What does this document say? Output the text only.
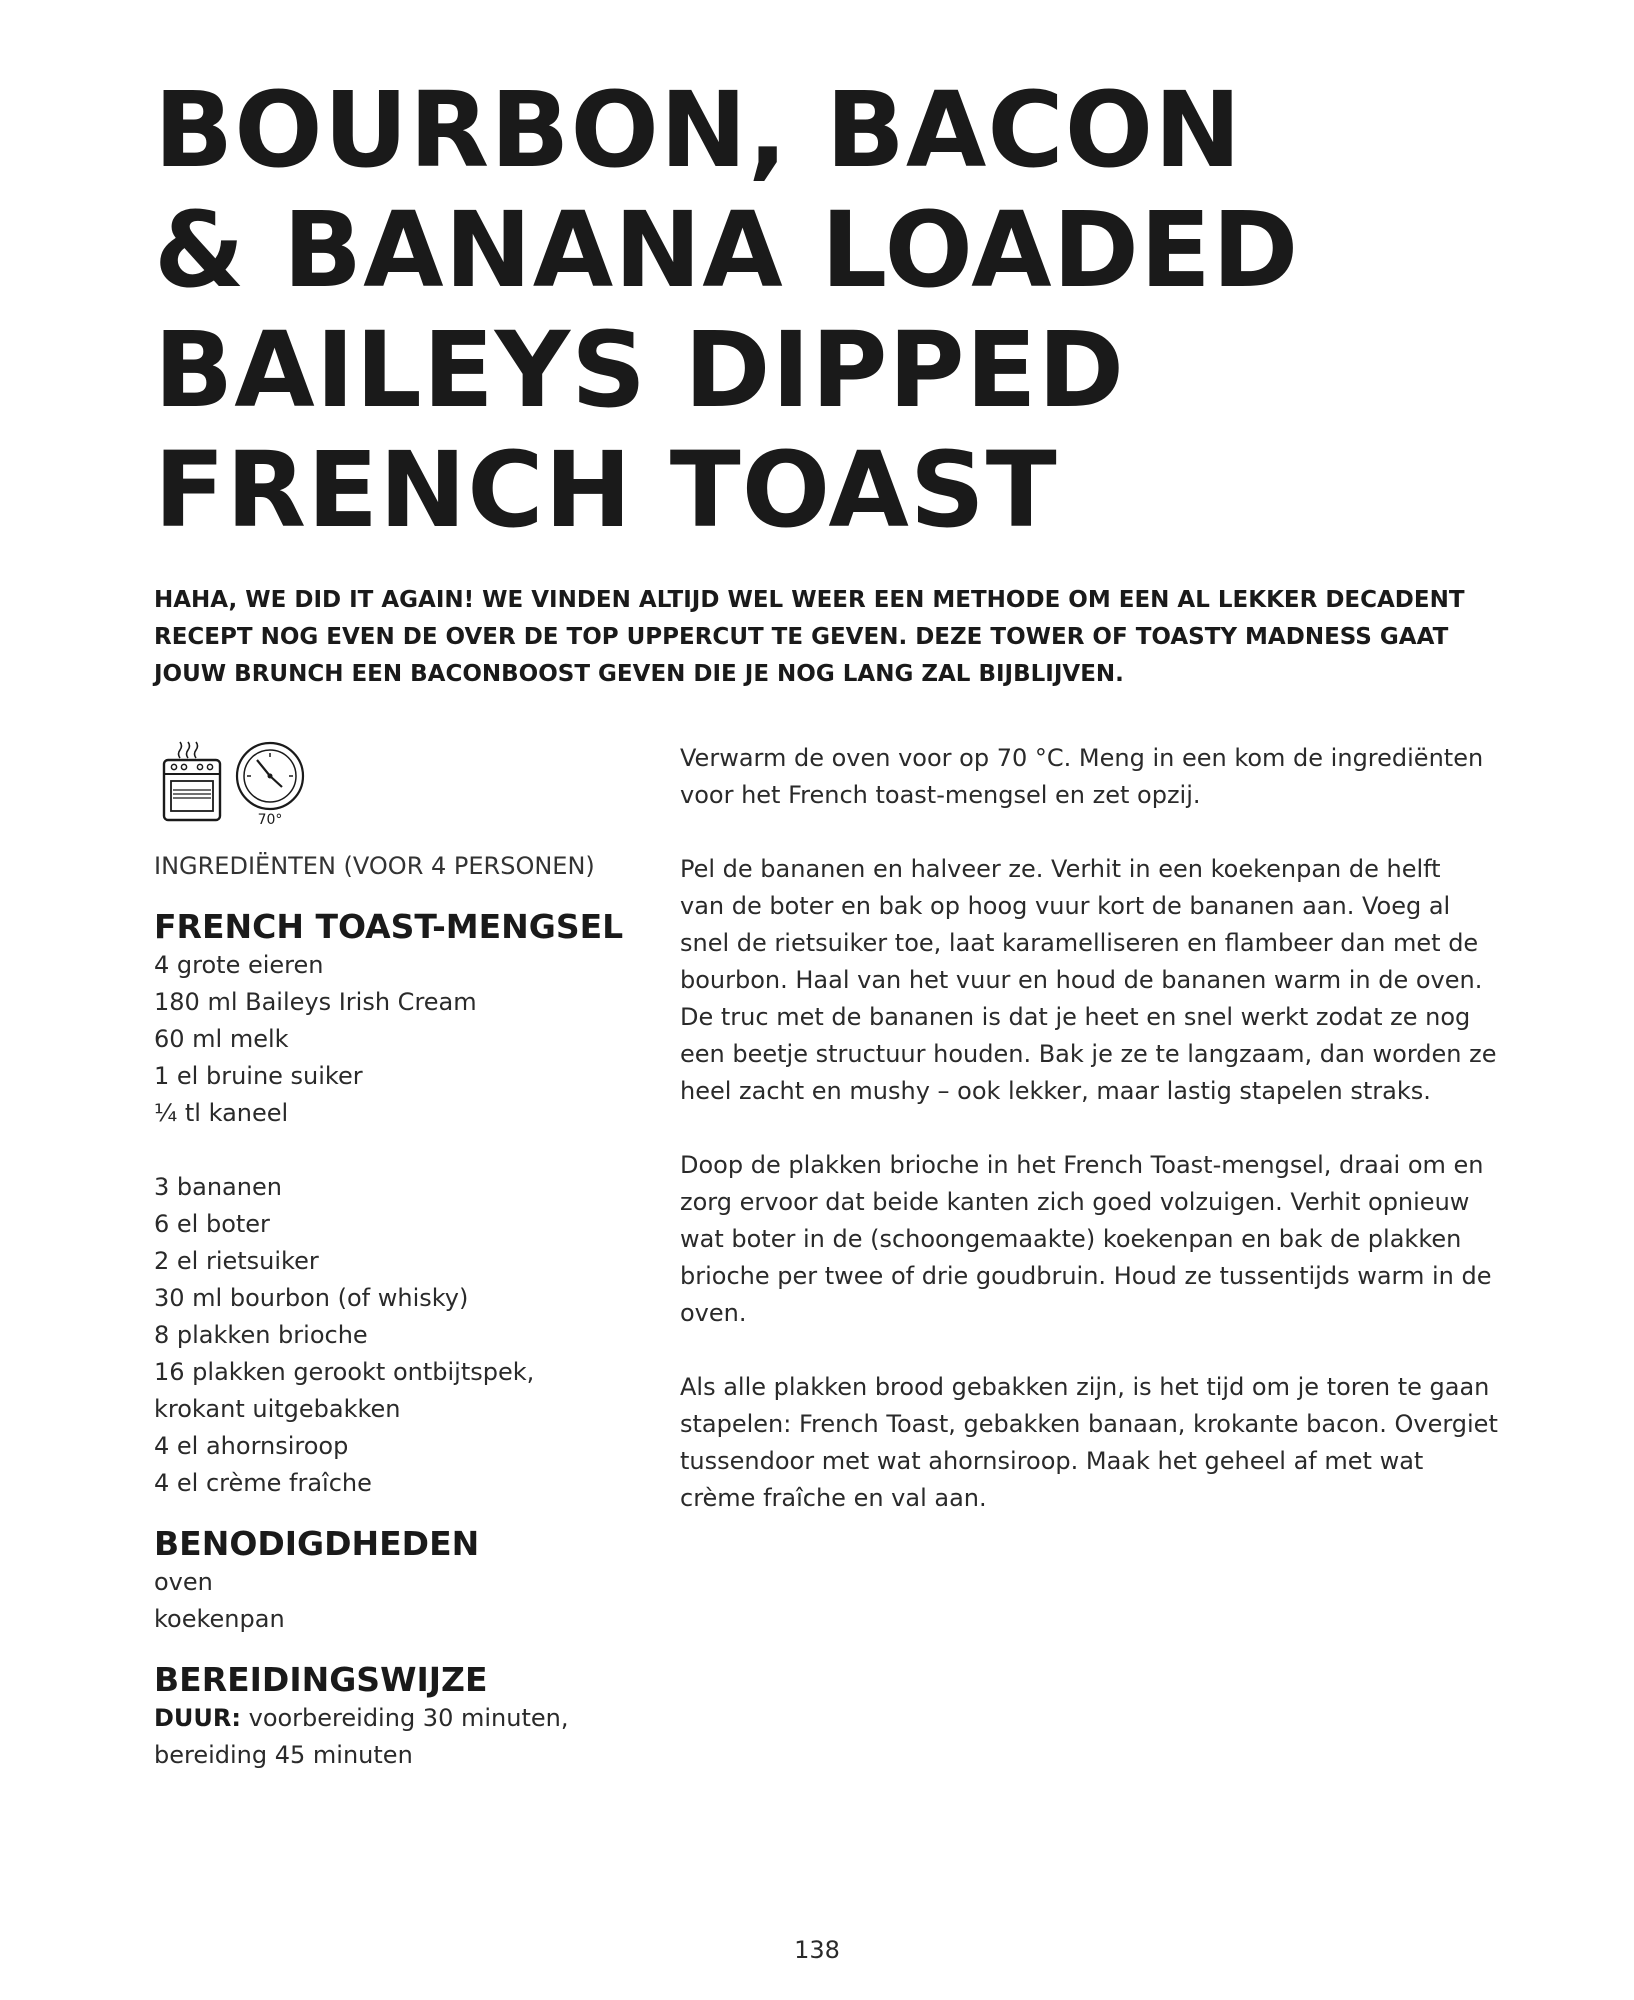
BOURBON, BACON
& BANANA LOADED
BAILEYS DIPPED
FRENCH TOAST

HAHA, WE DID IT AGAIN! WE VINDEN ALTIJD WEL WEER EEN METHODE OM EEN AL LEKKER DECADENT
RECEPT NOG EVEN DE OVER DE TOP UPPERCUT TE GEVEN. DEZE TOWER OF TOASTY MADNESS GAAT
JOUW BRUNCH EEN BACONBOOST GEVEN DIE JE NOG LANG ZAL BIJBLIJVEN.

70°
INGREDIËNTEN (VOOR 4 PERSONEN)
FRENCH TOAST-MENGSEL
4 grote eieren
180 ml Baileys Irish Cream
60 ml melk
1 el bruine suiker
¼ tl kaneel
3 bananen
6 el boter
2 el rietsuiker
30 ml bourbon (of whisky)
8 plakken brioche
16 plakken gerookt ontbijtspek,
krokant uitgebakken
4 el ahornsiroop
4 el crème fraîche
BENODIGDHEDEN
oven
koekenpan
BEREIDINGSWIJZE

DUUR: voorbereiding 30 minuten,
bereiding 45 minuten

Verwarm de oven voor op 70 °C. Meng in een kom de ingrediënten
voor het French toast-mengsel en zet opzij.

Pel de bananen en halveer ze. Verhit in een koekenpan de helft
van de boter en bak op hoog vuur kort de bananen aan. Voeg al
snel de rietsuiker toe, laat karamelliseren en flambeer dan met de
bourbon. Haal van het vuur en houd de bananen warm in de oven.
De truc met de bananen is dat je heet en snel werkt zodat ze nog
een beetje structuur houden. Bak je ze te langzaam, dan worden ze
heel zacht en mushy – ook lekker, maar lastig stapelen straks.

Doop de plakken brioche in het French Toast-mengsel, draai om en
zorg ervoor dat beide kanten zich goed volzuigen. Verhit opnieuw
wat boter in de (schoongemaakte) koekenpan en bak de plakken
brioche per twee of drie goudbruin. Houd ze tussentijds warm in de
oven.

Als alle plakken brood gebakken zijn, is het tijd om je toren te gaan
stapelen: French Toast, gebakken banaan, krokante bacon. Overgiet
tussendoor met wat ahornsiroop. Maak het geheel af met wat
crème fraîche en val aan.

138
